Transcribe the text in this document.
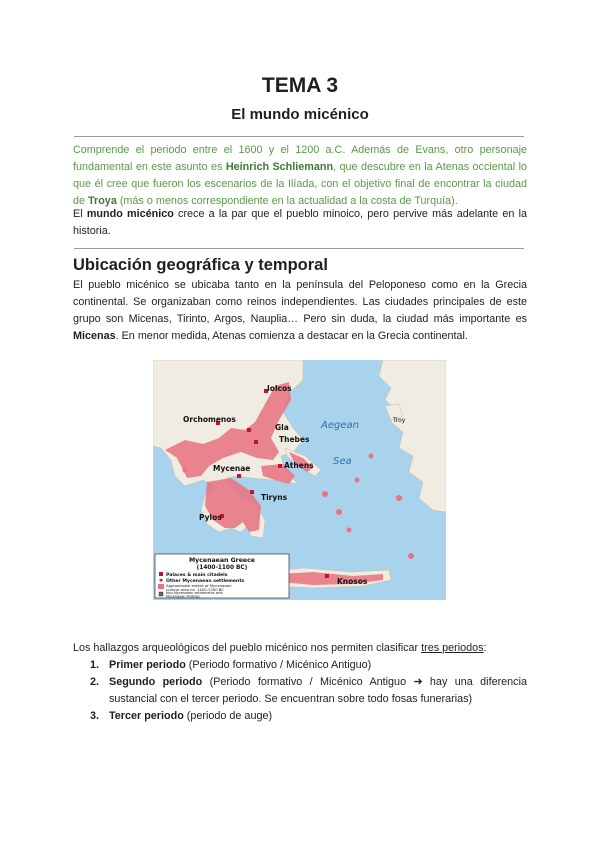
TEMA 3
El mundo micénico

Comprende el periodo entre el 1600 y el 1200 a.C. Además de Evans, otro personaje fundamental en este asunto es Heinrich Schliemann, que descubre en la Atenas occiental lo que él cree que fueron los escenarios de la Ilíada, con el objetivo final de encontrar la ciudad de Troya (más o menos correspondiente en la actualidad a la costa de Turquía).

El mundo micénico crece a la par que el pueblo minoico, pero pervive más adelante en la historia.

Ubicación geográfica y temporal

El pueblo micénico se ubicaba tanto en la península del Peloponeso como en la Grecia continental. Se organizaban como reinos independientes. Las ciudades principales de este grupo son Micenas, Tirinto, Argos, Nauplia… Pero sin duda, la ciudad más importante es Micenas. En menor medida, Atenas comienza a destacar en la Grecia continental.

Iolcos
Orchomenos
Gla
Thebes
Athens
Mycenae
Tiryns
Pylos
Knosos
Troy
Aegean
Sea
Mycenaean Greece
(1400-1100 BC)
Palaces & main citadels
✱ Other Mycenaean settlements
Approximate extent of Mycenaean
culture area ca. 1400-1300 BC
Non-Mycenaean settlements with
Mycenaean findings

Los hallazgos arqueológicos del pueblo micénico nos permiten clasificar tres periodos:

1. Primer periodo (Periodo formativo / Micénico Antiguo)
2. Segundo periodo (Periodo formativo / Micénico Antiguo ➜ hay una diferencia sustancial con el tercer periodo. Se encuentran sobre todo fosas funerarias)
3. Tercer periodo (periodo de auge)
